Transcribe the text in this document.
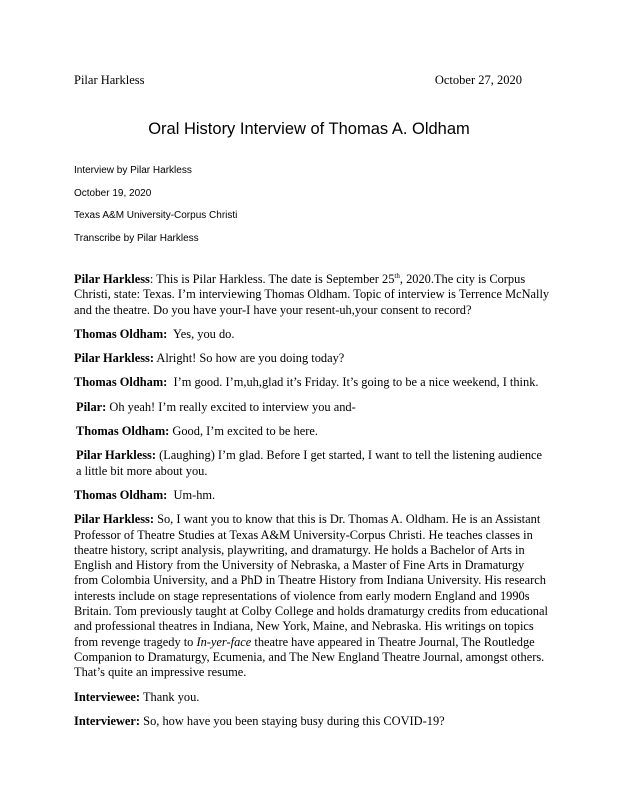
Pilar Harkless	October 27, 2020
Oral History Interview of Thomas A. Oldham
Interview by Pilar Harkless
October 19, 2020
Texas A&M University-Corpus Christi
Transcribe by Pilar Harkless

Pilar Harkless: This is Pilar Harkless. The date is September 25th, 2020.The city is Corpus Christi, state: Texas. I’m interviewing Thomas Oldham. Topic of interview is Terrence McNally and the theatre. Do you have your-I have your resent-uh,your consent to record?

Thomas Oldham: Yes, you do.

Pilar Harkless: Alright! So how are you doing today?

Thomas Oldham: I’m good. I’m,uh,glad it’s Friday. It’s going to be a nice weekend, I think.

Pilar: Oh yeah! I’m really excited to interview you and-

Thomas Oldham: Good, I’m excited to be here.

Pilar Harkless: (Laughing) I’m glad. Before I get started, I want to tell the listening audience a little bit more about you.

Thomas Oldham: Um-hm.

Pilar Harkless: So, I want you to know that this is Dr. Thomas A. Oldham. He is an Assistant Professor of Theatre Studies at Texas A&M University-Corpus Christi. He teaches classes in theatre history, script analysis, playwriting, and dramaturgy. He holds a Bachelor of Arts in English and History from the University of Nebraska, a Master of Fine Arts in Dramaturgy from Colombia University, and a PhD in Theatre History from Indiana University. His research interests include on stage representations of violence from early modern England and 1990s Britain. Tom previously taught at Colby College and holds dramaturgy credits from educational and professional theatres in Indiana, New York, Maine, and Nebraska. His writings on topics from revenge tragedy to In-yer-face theatre have appeared in Theatre Journal, The Routledge Companion to Dramaturgy, Ecumenia, and The New England Theatre Journal, amongst others. That’s quite an impressive resume.

Interviewee: Thank you.

Interviewer: So, how have you been staying busy during this COVID-19?
